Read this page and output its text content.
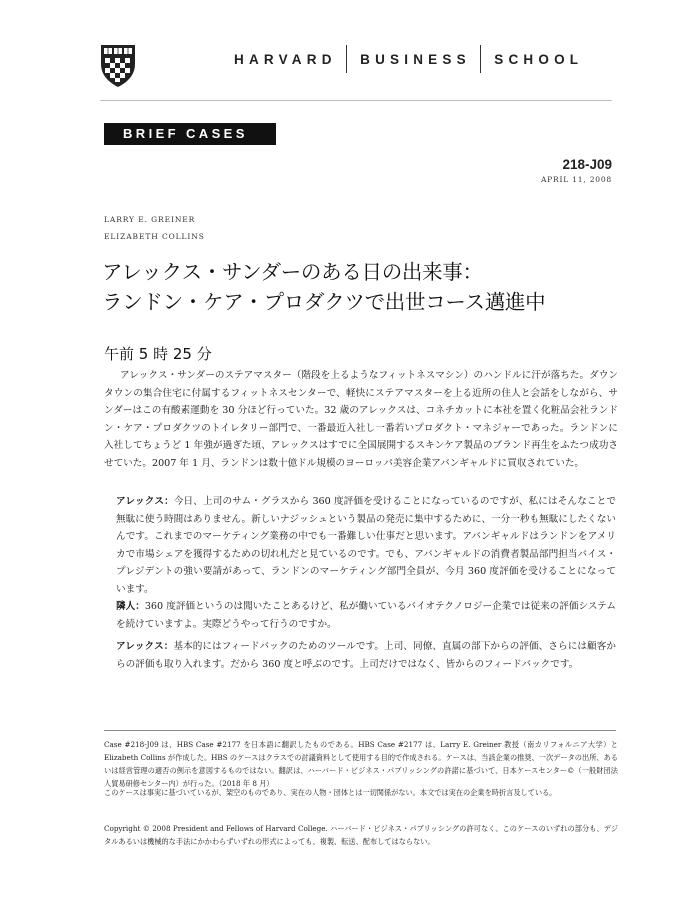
HARVARD BUSINESS SCHOOL
BRIEF CASES
218-J09
APRIL 11, 2008
LARRY E. GREINER
ELIZABETH COLLINS
アレックス・サンダーのある日の出来事：
ランドン・ケア・プロダクツで出世コース邁進中
午前 5 時 25 分

アレックス・サンダーのステアマスター（階段を上るようなフィットネスマシン）のハンドルに汗が落ちた。ダウンタウンの集合住宅に付属するフィットネスセンターで、軽快にステアマスターを上る近所の住人と会話をしながら、サンダーはこの有酸素運動を 30 分ほど行っていた。32 歳のアレックスは、コネチカットに本社を置く化粧品会社ランドン・ケア・プロダクツのトイレタリー部門で、一番最近入社し一番若いプロダクト・マネジャーであった。ランドンに入社してちょうど 1 年強が過ぎた頃、アレックスはすでに全国展開するスキンケア製品のブランド再生をふたつ成功させていた。2007 年 1 月、ランドンは数十億ドル規模のヨーロッパ美容企業アバンギャルドに買収されていた。

アレックス：今日、上司のサム・グラスから 360 度評価を受けることになっているのですが、私にはそんなことで無駄に使う時間はありません。新しいナジッシュという製品の発売に集中するために、一分一秒も無駄にしたくないんです。これまでのマーケティング業務の中でも一番難しい仕事だと思います。アバンギャルドはランドンをアメリカで市場シェアを獲得するための切れ札だと見ているのです。でも、アバンギャルドの消費者製品部門担当バイス・プレジデントの強い要請があって、ランドンのマーケティング部門全員が、今月 360 度評価を受けることになっています。

隣人：360 度評価というのは聞いたことあるけど、私が働いているバイオテクノロジー企業では従来の評価システムを続けていますよ。実際どうやって行うのですか。

アレックス：基本的にはフィードバックのためのツールです。上司、同僚、直属の部下からの評価、さらには顧客からの評価も取り入れます。だから 360 度と呼ぶのです。上司だけではなく、皆からのフィードバックです。

Case #218-J09 は、HBS Case #2177 を日本語に翻訳したものである。HBS Case #2177 は、Larry E. Greiner 教授（南カリフォルニア大学）と Elizabeth Collins が作成した。HBS のケースはクラスでの討議資料として使用する目的で作成される。ケースは、当該企業の推奨、一次データの出所、あるいは経営管理の適否の例示を意図するものではない。翻訳は、ハーバード・ビジネス・パブリッシングの許諾に基づいて、日本ケースセンター©（一般財団法人貿易研修センター内）が行った。（2018 年 8 月）

このケースは事実に基づいているが、架空のものであり、実在の人物・団体とは一切関係がない。本文では実在の企業を時折言及している。

Copyright © 2008 President and Fellows of Harvard College. ハーバード・ビジネス・パブリッシングの許可なく、このケースのいずれの部分も、デジタルあるいは機械的な手法にかかわらずいずれの形式によっても、複製、転送、配布してはならない。
